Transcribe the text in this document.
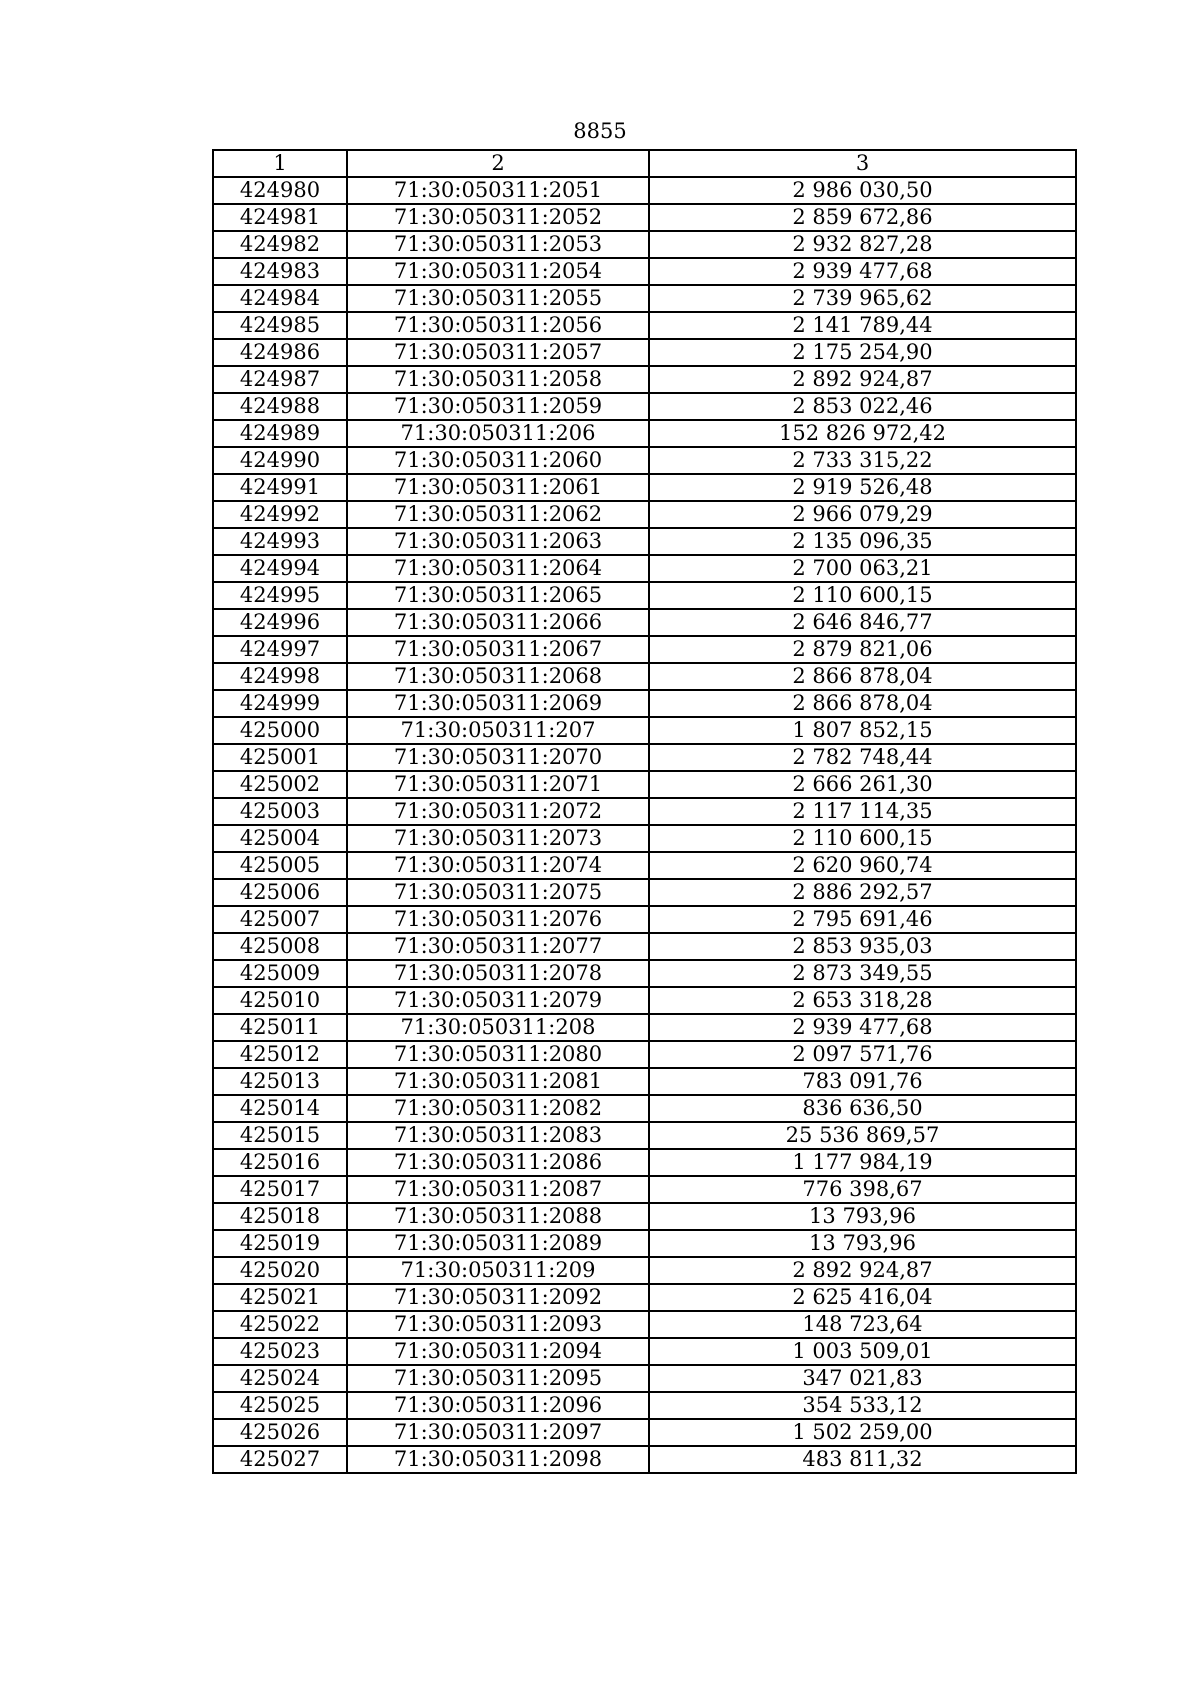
8855
1	2	3
424980	71:30:050311:2051	2 986 030,50
424981	71:30:050311:2052	2 859 672,86
424982	71:30:050311:2053	2 932 827,28
424983	71:30:050311:2054	2 939 477,68
424984	71:30:050311:2055	2 739 965,62
424985	71:30:050311:2056	2 141 789,44
424986	71:30:050311:2057	2 175 254,90
424987	71:30:050311:2058	2 892 924,87
424988	71:30:050311:2059	2 853 022,46
424989	71:30:050311:206	152 826 972,42
424990	71:30:050311:2060	2 733 315,22
424991	71:30:050311:2061	2 919 526,48
424992	71:30:050311:2062	2 966 079,29
424993	71:30:050311:2063	2 135 096,35
424994	71:30:050311:2064	2 700 063,21
424995	71:30:050311:2065	2 110 600,15
424996	71:30:050311:2066	2 646 846,77
424997	71:30:050311:2067	2 879 821,06
424998	71:30:050311:2068	2 866 878,04
424999	71:30:050311:2069	2 866 878,04
425000	71:30:050311:207	1 807 852,15
425001	71:30:050311:2070	2 782 748,44
425002	71:30:050311:2071	2 666 261,30
425003	71:30:050311:2072	2 117 114,35
425004	71:30:050311:2073	2 110 600,15
425005	71:30:050311:2074	2 620 960,74
425006	71:30:050311:2075	2 886 292,57
425007	71:30:050311:2076	2 795 691,46
425008	71:30:050311:2077	2 853 935,03
425009	71:30:050311:2078	2 873 349,55
425010	71:30:050311:2079	2 653 318,28
425011	71:30:050311:208	2 939 477,68
425012	71:30:050311:2080	2 097 571,76
425013	71:30:050311:2081	783 091,76
425014	71:30:050311:2082	836 636,50
425015	71:30:050311:2083	25 536 869,57
425016	71:30:050311:2086	1 177 984,19
425017	71:30:050311:2087	776 398,67
425018	71:30:050311:2088	13 793,96
425019	71:30:050311:2089	13 793,96
425020	71:30:050311:209	2 892 924,87
425021	71:30:050311:2092	2 625 416,04
425022	71:30:050311:2093	148 723,64
425023	71:30:050311:2094	1 003 509,01
425024	71:30:050311:2095	347 021,83
425025	71:30:050311:2096	354 533,12
425026	71:30:050311:2097	1 502 259,00
425027	71:30:050311:2098	483 811,32
